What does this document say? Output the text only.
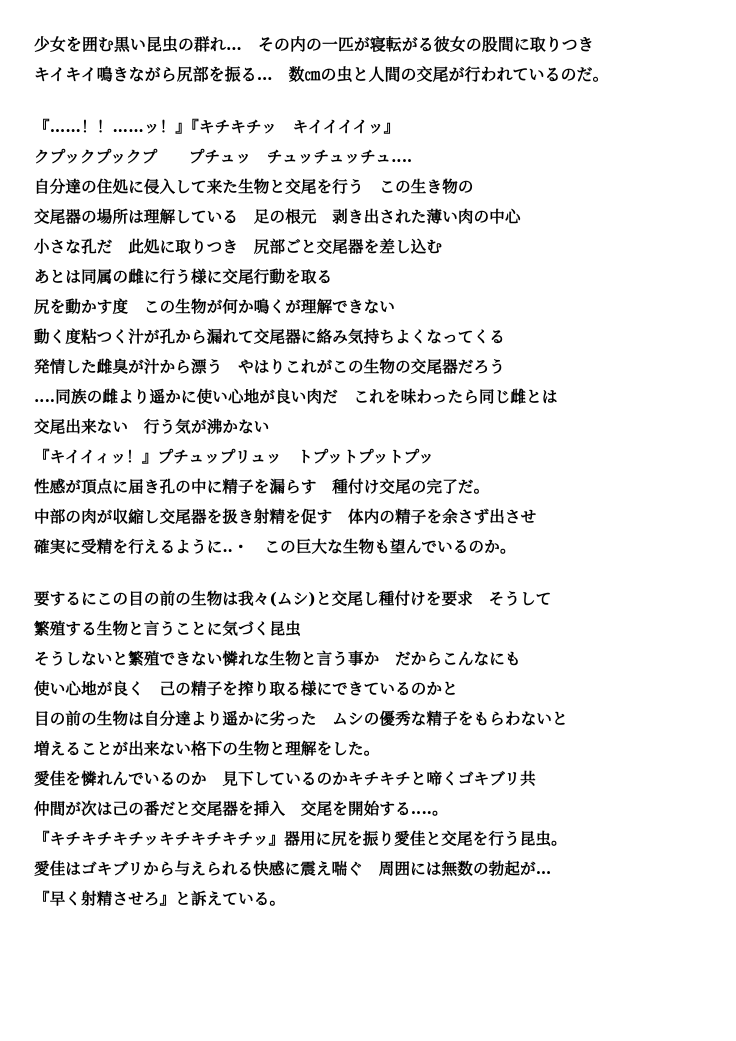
少女を囲む黒い昆虫の群れ…　その内の一匹が寝転がる彼女の股間に取りつき
キイキイ鳴きながら尻部を振る…　数㎝の虫と人間の交尾が行われているのだ。
『……！！……ッ！』『キチキチッ　キイイイイッ』
クプックプックプ　　プチュッ　チュッチュッチュ‥‥
自分達の住処に侵入して来た生物と交尾を行う　この生き物の
交尾器の場所は理解している　足の根元　剥き出された薄い肉の中心
小さな孔だ　此処に取りつき　尻部ごと交尾器を差し込む
あとは同属の雌に行う様に交尾行動を取る
尻を動かす度　この生物が何か鳴くが理解できない
動く度粘つく汁が孔から漏れて交尾器に絡み気持ちよくなってくる
発情した雌臭が汁から漂う　やはりこれがこの生物の交尾器だろう
‥‥同族の雌より遥かに使い心地が良い肉だ　これを味わったら同じ雌とは
交尾出来ない　行う気が沸かない
『キイイィッ！』プチュップリュッ　トプットプットプッ
性感が頂点に届き孔の中に精子を漏らす　種付け交尾の完了だ。
中部の肉が収縮し交尾器を扱き射精を促す　体内の精子を余さず出させ
確実に受精を行えるように‥・　この巨大な生物も望んでいるのか。
要するにこの目の前の生物は我々(ムシ)と交尾し種付けを要求　そうして
繁殖する生物と言うことに気づく昆虫
そうしないと繁殖できない憐れな生物と言う事か　だからこんなにも
使い心地が良く　己の精子を搾り取る様にできているのかと
目の前の生物は自分達より遥かに劣った　ムシの優秀な精子をもらわないと
増えることが出来ない格下の生物と理解をした。
愛佳を憐れんでいるのか　見下しているのかキチキチと啼くゴキブリ共
仲間が次は己の番だと交尾器を挿入　交尾を開始する‥‥。
『キチキチキチッキチキチキチッ』器用に尻を振り愛佳と交尾を行う昆虫。
愛佳はゴキブリから与えられる快感に震え喘ぐ　周囲には無数の勃起が…
『早く射精させろ』と訴えている。
